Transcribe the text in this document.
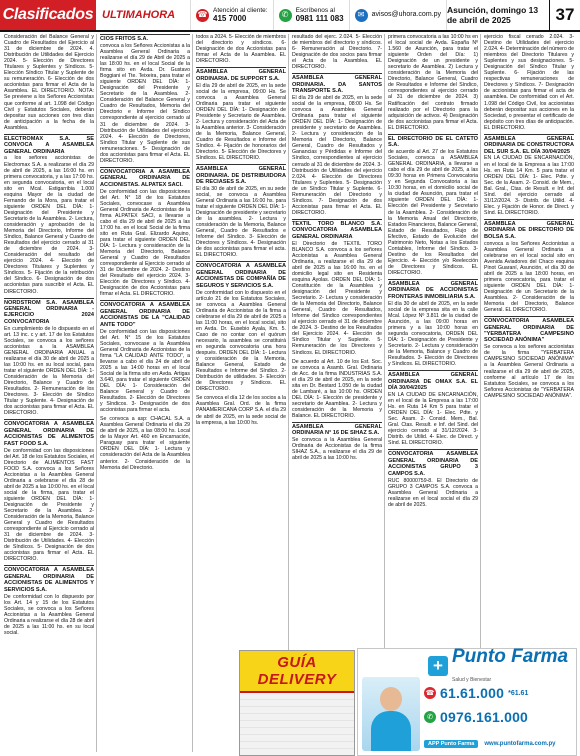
Clasificados ULTIMAHORA	☎ Atención al cliente:
415 7000	✆	Escríbenos al
0981 111 083	✉	avisos@uhora.com.py Asunción, domingo 13 de abril de 2025	37

Consideración del Balance General y Cuadro de Resultados del Ejercicio al 31 de diciembre de 2024. 4. Distribución de Utilidades del Ejercicio 2024. 5- Elección de Directores Titulares y Suplentes y Síndicos. 5- Elección Síndico Titular y Suplente de su remuneración. 6- Elección de dos accionistas para firmar el Acta de la Asamblea. EL DIRECTORIO. NOTA: Se previene a los Señores Accionistas que conforme al art. 1.098 del Código Civil y Estatutos Sociales, deberán depositar sus acciones con tres días de anticipación a la fecha de la Asamblea.

ELECTROMAX S.A. SE CONVOCA A ASAMBLEA GENERAL ORDINARIA

a los señores accionistas de Electromax S.A. a realizarse el día 29 de abril de 2025, a las 16:00 hs. en primera convocatoria, y a las 17:00 hs. en segunda convocatoria, en el local sito en Mcal. Estigarribia 1.000 esquina Mayor de la ciudad de Fernando de la Mora, para tratar el siguiente ORDEN DEL DÍA: 1- Designación del Presidente y Secretario de la Asamblea. 2- Lectura, consideración y aprobación de la Memoria del Directorio, Informe del Síndico, Balance General y Cuadro de Resultados del ejercicio cerrado al 31 de diciembre de 2024. 3- Consideración del resultado del ejercicio 2024. 4- Elección de Directores Titulares y Suplentes y Síndicos. 5- Fijación de la retribución del Síndico. 6- Designación de dos accionistas para suscribir el Acta. EL DIRECTORIO.

NORDSTROM S.A. ASAMBLEA GENERAL ORDINARIA - EJERCICIO 2024 CONVOCATORIA

En cumplimiento de lo dispuesto en el art. 13 inc. c y art. 17 de los Estatutos Sociales, se convoca a los señores accionistas a la ASAMBLEA GENERAL ORDINARIA ANUAL a realizarse el día 30 de abril de 2025 a las 10:00 hs. en su local social, para tratar el siguiente ORDEN DEL DÍA: 1- Consideración de la Memoria del Directorio, Balance y Cuadro de Resultados. 2- Remuneración de los Directores. 3- Elección de Síndico Titular y Suplente. 4- Designación de dos accionistas para firmar el Acta. EL DIRECTORIO.

CONVOCATORIA A ASAMBLEA GENERAL ORDINARIA DE ACCIONISTAS DE ALIMENTOS FAST FOOD S.A.

De conformidad con las disposiciones del Art. 18 de los Estatutos Sociales, el Directorio de ALIMENTOS FAST FOOD S.A. convoca a los Señores Accionistas a la Asamblea General Ordinaria a celebrarse el día 28 de abril de 2025 a las 10:00 hs. en el local social de la firma, para tratar el siguiente ORDEN DEL DÍA: 1- Designación de Presidente y Secretario de la Asamblea. 2- Consideración de la Memoria, Balance General y Cuadro de Resultados correspondiente al Ejercicio cerrado al 31 de diciembre de 2024. 3- Distribución de Utilidades. 4- Elección de Síndicos. 5- Designación de dos accionistas para firmar el Acta. EL DIRECTORIO.

CONVOCATORIA A ASAMBLEA GENERAL ORDINARIA DE ACCIONISTAS DE ALIMENTOS Y SERVICIOS S.A.

De conformidad con lo dispuesto por los Art. 14 y 15 de los Estatutos Sociales, se convoca a los Señores Accionistas a la Asamblea General Ordinaria a realizarse el día 28 de abril de 2025 a las 11:00 hs. en su local social.

CIOS FRITOS S.A.

convoca a los Señores Accionistas a la Asamblea General Ordinaria a realizarse el día 29 de Abril de 2025 a las 18:00 hs. en el local Social de la firma sito en Avda. Dr. Gustavo Boggiani el Tte. Teixeira, para tratar el siguiente ORDEN DEL DÍA: 1- Designación del Presidente y Secretario de la Asamblea. 2- Consideración del Balance General y Cuadro de Resultados, Memoria del Directorio e Informe del Síndico correspondiente al ejercicio cerrado al 31 de diciembre de 2024. 3- Distribución de Utilidades del ejercicio 2024. 4- Elección de Directores, Síndico Titular y Suplente de sus remuneraciones. 5- Designación de dos accionistas para firmar el Acta. EL DIRECTORIO.

CONVOCATORIA A ASAMBLEA GENERAL ORDINARIA DE ACCIONISTAS. ALPATEX SACI.

De conformidad con las disposiciones del Art. N° 18 de los Estatutos Sociales, convocase a Asamblea General Ordinaria de Accionistas de la firma ALPATEX SACI, a llevarse a cabo el día 29 de abril de 2025 a las 17:00 hs. en el local Social de la firma sito en Ruta Gral. Elizardo Aquino, para tratar el siguiente ORDEN DEL DÍA: 1- Lectura y consideración de la Memoria del Directorio, Balance General y Cuadro de Resultados correspondiente al Ejercicio cerrado al 31 de Diciembre de 2024. 2- Destino del Resultado del ejercicio 2024. 3- Elección de Directores y Síndico. 4- Designación de dos Accionistas para firmar el Acta. EL DIRECTORIO.

CONVOCATORIA A ASAMBLEA GENERAL ORDINARIA DE ACCIONISTAS DE LA "CALIDAD ANTE TODO"

De conformidad con las disposiciones del Art. N° 15 de los Estatutos Sociales, convocase a la Asamblea General Ordinaria de Accionistas de la firma "LA CALIDAD ANTE TODO", a llevarse a cabo el día 24 de abril de 2025 a las 14:00 horas en el local Social de la firma sito en Avda. Artigas 3.640, para tratar el siguiente ORDEN DEL DÍA: 1- Consideración del Balance General y Cuadro de Resultados. 2- Elección de Directores y Síndicos. 3- Designación de dos accionistas para firmar el acta.

Se convoca a asp: CHACAL S.A. a Asamblea General Ordinaria el día 29 de abril de 2025, a las 08:00 hs. Local de la Mayor Art. 460 en Encarnación, Paraguay para tratar el siguiente ORDEN DEL DÍA: 1- Lectura y consideración del Acta de la Asamblea anterior. 2- Consideración de la Memoria del Directorio.

todos a 2024. 5- Elección de miembros del directorio y síndicos. 6- Designación de dos Accionistas para firmar el Acta de la Asamblea. EL DIRECTORIO.

ASAMBLEA GENERAL ORDINARIA. DE SUPPORT S.A.

El día 29 de abril de 2025, en la sede social de la empresa, 09:00 Hs. Se convoca a Asamblea General Ordinaria para tratar el siguiente ORDEN DEL DÍA: 1- Designación de Presidente y Secretario de Asamblea. 2- Lectura y consideración del Acta de la Asamblea anterior. 3- Consideración de la Memoria, Balance General, Cuadro de Resultados e Informe del Síndico. 4- Fijación de honorarios del Directorio. 5- Elección de Directores y Síndicos. EL DIRECTORIO.

ASAMBLEA GENERAL ORDINARIA. DE DISTRIBUIDORA DE RECIASES S.A.

El día 30 de abril de 2025, en su sede social, se convoca a Asamblea General Ordinaria a las 16:00 hs. para tratar el siguiente ORDEN DEL DÍA: 1- Designación de presidente y secretario de la asamblea. 2- Lectura y consideración de la Memoria, Balance General, Cuadro de Resultados e Informe del Síndico. 3- Elección de Directores y Síndicos. 4- Designación de dos accionistas para firmar el acta. EL DIRECTORIO.

CONVOCATORIA A ASAMBLEA GENERAL ORDINARIA DE ACCIONISTAS DE COMPAÑÍA DE SEGUROS Y SERVICIOS S.A.

De conformidad con lo dispuesto en el artículo 21 de los Estatutos Sociales, se convoca a Asamblea General Ordinaria de Accionistas de la firma a celebrarse el día 29 de abril de 2025 a las 11:00 horas, en el local social, sito en Avda. Dr. Eusebio Ayala, Km. 5. Caso de no contar con el quórum necesario, la asamblea se constituirá en segunda convocatoria una hora después. ORDEN DEL DÍA: 1- Lectura y consideración de la Memoria, Balance General, Estado de Resultados e Informe del Síndico. 2- Distribución de utilidades. 3- Elección de Directores y Síndicos. EL DIRECTORIO.

Se convoca el día 12 de los socios a la Asamblea Gral. Ord. de la firma PANAMERICANA CORP S.A. el día 29 de abril de 2025, en la sede social de la empresa, a las 10:00 hs.

resultado del ejerc. 2.024. 5- Elección de miembros del directorio y síndicos. 6- Remuneración al Directorio. 7- Designación de dos socios para firmar el Acta de la Asamblea. EL DIRECTORIO.

ASAMBLEA GENERAL ORDINARIA. DA SANTOS TRANSPORTE S.A.

El día 29 de abril de 2025, en la sede social de la empresa, 08:00 Hs. Se convoca a Asamblea General Ordinaria para tratar el siguiente ORDEN DEL DÍA: 1- Designación de presidente y secretario de Asamblea. 2- Lectura y consideración de la Memoria del Directorio, Balance General, Cuadro de Resultados y Ganancias y Pérdidas e Informe del Síndico, correspondientes al ejercicio cerrado al 31 de diciembre de 2024. 3- Distribución de Utilidades del ejercicio 2.024. 4- Elección de Directores Titulares y Suplentes. 5- Designación de un Síndico Titular y Suplente. 6- Remuneración del Directorio y Síndicos. 7- Designación de dos Accionistas para firmar el Acta. EL DIRECTORIO.

TEXTIL TORO BLANCO S.A. CONVOCATORIA ASAMBLEA GENERAL ORDINARIA

El Directorio de TEXTIL TORO BLANCO S.A. convoca a los señores Accionistas a Asamblea General Ordinaria, a realizarse el día 29 de abril de 2025 a las 16:00 hs. en el domicilio legal sito en Residenta esquina Ayolas. ORDEN DEL DÍA: 1- Constitución de la Asamblea y designación del Presidente y Secretario. 2- Lectura y consideración de la Memoria del Directorio, Balance General, Cuadro de Resultados, Informe del Síndico correspondientes al ejercicio cerrado el 31 de diciembre de 2024. 3- Destino de los Resultados del Ejercicio 2024. 4- Elección de Síndico Titular y Suplente. 5- Remuneración de los Directores y Síndicos. EL DIRECTORIO.

De acuerdo al Art. 10 de los Est. Soc. se convoca a Asamb. Gral. Ordinaria de Acc. de la firma INDUSTRIAS S.A. el día 29 de abril de 2025, en la sede sita en Dr. Bestard 1.050 de la ciudad de Lambaré, a las 10:00 hs. ORDEN DEL DÍA: 1- Elección de presidente y secretario de Asamblea. 2- Lectura y consideración de la Memoria y Balance. EL DIRECTORIO.

ASAMBLEA GENERAL ORDINARIA N° 16 DE SIHAZ S.A.

Se convoca a la Asamblea General Ordinaria de Accionistas de la firma SIHAZ S.A., a realizarse el día 29 de abril de 2025 a las 10:00 hs.

primera convocatoria a las 10:00 hs en el local social de Avda. España Nº 1.560 de Asunción, para tratar el siguiente Orden del Día: 1) Designación de un presidente y secretario de Asamblea. 2) Lectura y consideración de la Memoria del Directorio, Balance General, Cuadro de Resultados e Informe del Síndico, correspondientes al ejercicio cerrado al 31 de diciembre de 2024. 3) Ratificación del contrato firmado realizado por el Directorio para la adquisición de activos. 4) Designación de dos accionistas para firmar el Acta. EL DIRECTORIO.

EL DIRECTORIO DE EL CATETO S.A.

de acuerdo al Art. 27 de los Estatutos Sociales, convoca a ASAMBLEA GENERAL ORDINARIA, a llevarse a cabo el día 29 de abril de 2025, a las 09:30 horas en Primera Convocatoria y en Segunda Convocatoria a las 10:30 horas, en el domicilio social de la ciudad de Asunción, para tratar el siguiente ORDEN DEL DÍA: 1- Elección del Presidente y Secretario de la Asamblea. 2- Consideración de la Memoria Anual del Directorio, Estados Financieros, Balance General, Estado de Resultados, Flujo de Efectivo, Estado de Evolución del Patrimonio Neto, Notas a los Estados Contables, Informe del Síndico. 3- Destino de los Resultados del Ejercicio. 4- Elección y/o Reelección de Directores y Síndicos. EL DIRECTORIO.

ASAMBLEA GENERAL ORDINARIA DE ACCIONISTAS FRONTERAS INMOBILIARIA S.A.

El día 30 de abril de 2025, en la sede social de la empresa sita en la calle Mcal. López Nº 3.811 de la ciudad de Asunción, a las 09:00 horas en primera y a las 10:00 horas en segunda convocatoria, ORDEN DEL DÍA: 1- Designación de Presidente y Secretario. 2- Lectura y consideración de la Memoria, Balance y Cuadro de Resultados. 3- Elección de Directores y Síndicos. EL DIRECTORIO.

ASAMBLEA GENERAL ORDINARIA DE OMAX S.A. EL DÍA 30/04/2025

EN LA CIUDAD DE ENCARNACIÓN, en el local de la Empresa a las 17:00 Hs. en Ruta 14 Km 5 para tratar el ORDEN DEL DÍA: 1- Elec. Pdte. y Sec. Asam. 2- Consid. Mem., Bal. Gral. Ctas. Result. e Inf. del Sind. del ejercicio cerrado al 31/12/2024. 3- Distrib. de Utilid. 4- Elec. de Direct. y Sínd. EL DIRECTORIO.

CONVOCATORIA ASAMBLEA GENERAL ORDINARIA DE ACCIONISTAS GRUPO 3 CAMPOS S.A.

RUC 80000759-8. El Directorio de GRUPO 3 CAMPOS S.A. convoca a Asamblea General Ordinaria a realizarse en el local social el día 29 de abril de 2025.

ejercicio fiscal cerrado 2.024. 3- Destino de Utilidades del ejercicio 2.024. 4- Determinación del número de miembros del Directorio Titulares y Suplentes y sus designaciones. 5- Designación del Síndico Titular y Suplente. 6- Fijación de las respectivas remuneraciones de Directores y Síndicos. 7- Designación de accionistas para firmar el acta de asamblea. De conformidad con el Art. 1.098 del Código Civil, los accionistas deberán depositar sus acciones en la Sociedad, o presentar el certificado de depósito con tres días de anticipación. EL DIRECTORIO.

ASAMBLEA GENERAL ORDINARIA DE CONSTRUCTORA DEL SUR S.A. EL DÍA 30/04/2025

EN LA CIUDAD DE ENCARNACIÓN, en el local de la Empresa a las 17:00 Hs. en Ruta 14 Km. 5 para tratar el ORDEN DEL DÍA: 1- Elec. Pdte. y Sec. de la Asam. 2- Consid. de Mem., Bal. Gral., Ctas. de Result. e Inf. del Sínd. del ejercicio cerrado al 31/12/2024. 3- Distrib. de Utilid. 4- Elec. y Fijación de Honor. de Direct. y Sínd. EL DIRECTORIO.

ASAMBLEA GENERAL ORDINARIA DE DIRECTORIO DE BOLSA S.A.

convoca a los Señores Accionistas a Asamblea General Ordinaria a celebrarse en el local social sito en Avenida Aviadores del Chaco esquina Pinot Guaraní, Asunción, el día 30 de abril de 2025 a las 18:00 horas, en primera convocatoria, para tratar el siguiente ORDEN DEL DÍA: 1- Designación de un Secretario de la Asamblea. 2- Consideración de la Memoria del Directorio, Balance General. EL DIRECTORIO.

CONVOCATORIA ASAMBLEA GENERAL ORDINARIA DE "YERBATERA CAMPESINO SOCIEDAD ANÓNIMA"

Se convoca a los señores accionistas de la firma "YERBATERA CAMPESINO SOCIEDAD ANÓNIMA" a la Asamblea General Ordinaria a realizarse el día 29 de abril de 2025, conforme al artículo 17 de los Estatutos Sociales, se convoca a los Señores Accionistas de "YERBATERA CAMPESINO SOCIEDAD ANÓNIMA".

GUÍA DELIVERY
+ Punto Farma
Salud y Bienestar
☎ 61.61.000 *61.61
✆ 0976.161.000
APP Punto Farma	www.puntofarma.com.py
